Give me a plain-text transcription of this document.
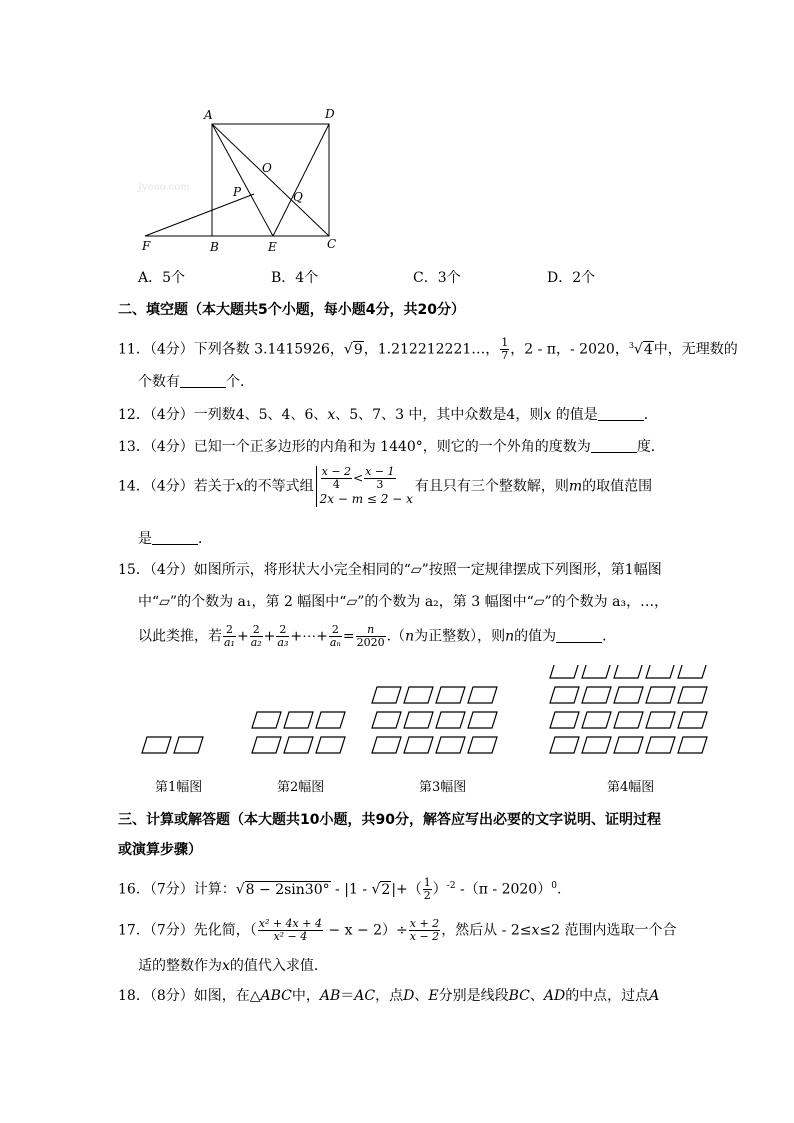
A	D
O
P	Q
F	B	E	C
Jyeoo.com
A．5个	B．4个	C．3个	D．2个
二、填空题（本大题共5个小题，每小题4分，共20分）
11．（4分）下列各数 3.1415926，√9，1.212212221…， $\frac{1}{7}$ ，2 - π，- 2020，$^3$√4中，无理数的
个数有	个．
12．（4分）一列数4、5、4、6、x、5、7、3 中，其中众数是4，则x 的值是	．
13．（4分）已知一个正多边形的内角和为 1440°，则它的一个外角的度数为	度．
14．（4分）若关于x的不等式组 $\frac{x - 2}{4} < \frac{x - 1}{3}$
2x − m ≤ 2 − x
有且只有三个整数解，则m的取值范围
是	．
15．（4分）如图所示，将形状大小完全相同的“▱”按照一定规律摆成下列图形，第1幅图
中“▱”的个数为 a₁，第 2 幅图中“▱”的个数为 a₂，第 3 幅图中“▱”的个数为 a₃，…，
以此类推，若 $\frac{2}{\text{a₁}} + \frac{2}{\text{a₂}} + \frac{2}{\text{a₃}}$ +⋯+ $\frac{2}{\text{aₙ}} = \frac{n}{2020} .(n$为正整数），则n的值为	．
第1幅图	第2幅图	第3幅图	第4幅图
三、计算或解答题（本大题共10小题，共90分，解答应写出必要的文字说明、证明过程
或演算步骤）
16．（7分）计算：$√8 - 2\sin 30^\circ - |1 - √2|+( \frac{1}{2} )^{-2}$ -（π - 2020）$^0$.
17．（7分）先化简，（ $\frac{\text{x² + 4x + 4}}{\text{x² − 4}} - x - 2)\div \frac{x + 2}{x - 2}$ ，然后从 - 2≤x≤2 范围内选取一个合
适的整数作为x的值代入求值．
18．（8分）如图，在△ABC中，AB＝AC，点D、E分别是线段BC、AD的中点，过点A
